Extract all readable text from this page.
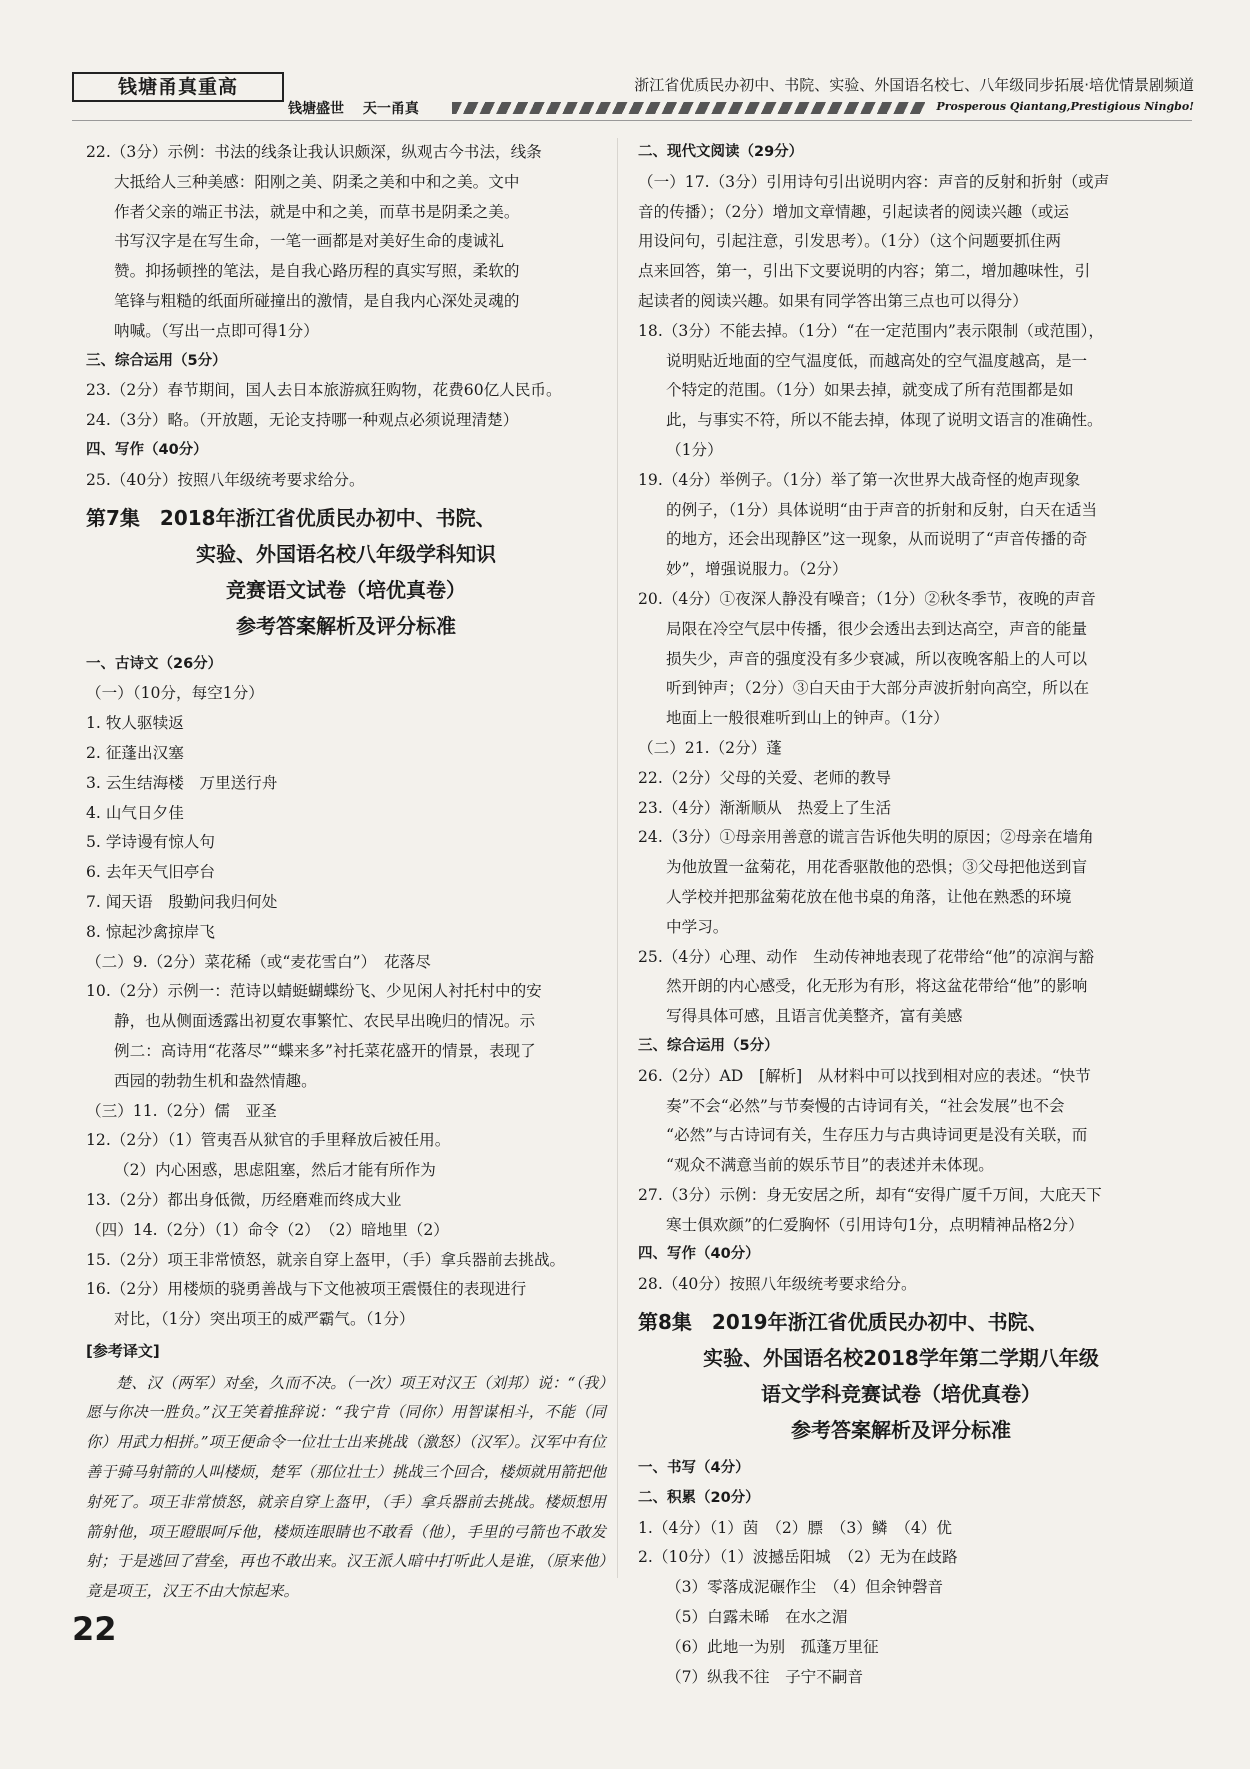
钱塘甬真重高	浙江省优质民办初中、书院、实验、外国语名校七、八年级同步拓展·培优情景剧频道
钱塘盛世 天一甬真	Prosperous Qiantang,Prestigious Ningbo!

22.（3分）示例：书法的线条让我认识颇深，纵观古今书法，线条

大抵给人三种美感：阳刚之美、阴柔之美和中和之美。文中

作者父亲的端正书法，就是中和之美，而草书是阴柔之美。

书写汉字是在写生命，一笔一画都是对美好生命的虔诚礼

赞。抑扬顿挫的笔法，是自我心路历程的真实写照，柔软的

笔锋与粗糙的纸面所碰撞出的激情，是自我内心深处灵魂的

呐喊。（写出一点即可得1分）

三、综合运用（5分）

23.（2分）春节期间，国人去日本旅游疯狂购物，花费60亿人民币。

24.（3分）略。（开放题，无论支持哪一种观点必须说理清楚）

四、写作（40分）

25.（40分）按照八年级统考要求给分。

第7集　2018年浙江省优质民办初中、书院、
实验、外国语名校八年级学科知识
竞赛语文试卷（培优真卷）
参考答案解析及评分标准

一、古诗文（26分）

（一）（10分，每空1分）

1. 牧人驱犊返

2. 征蓬出汉塞

3. 云生结海楼　万里送行舟

4. 山气日夕佳

5. 学诗谩有惊人句

6. 去年天气旧亭台

7. 闻天语　殷勤问我归何处

8. 惊起沙禽掠岸飞

（二）9.（2分）菜花稀（或“麦花雪白”）　花落尽

10.（2分）示例一：范诗以蜻蜓蝴蝶纷飞、少见闲人衬托村中的安

静，也从侧面透露出初夏农事繁忙、农民早出晚归的情况。示

例二：高诗用“花落尽”“蝶来多”衬托菜花盛开的情景，表现了

西园的勃勃生机和盎然情趣。

（三）11.（2分）儒　亚圣

12.（2分）（1）管夷吾从狱官的手里释放后被任用。

（2）内心困惑，思虑阻塞，然后才能有所作为

13.（2分）都出身低微，历经磨难而终成大业

（四）14.（2分）（1）命令（2）　（2）暗地里（2）

15.（2分）项王非常愤怒，就亲自穿上盔甲，（手）拿兵器前去挑战。

16.（2分）用楼烦的骁勇善战与下文他被项王震慑住的表现进行

对比，（1分）突出项王的威严霸气。（1分）

[参考译文]

楚、汉（两军）对垒，久而不决。（一次）项王对汉王（刘邦）说：“（我）愿与你决一胜负。”汉王笑着推辞说：“我宁肯（同你）用智谋相斗，不能（同你）用武力相拼。”项王便命令一位壮士出来挑战（激怒）（汉军）。汉军中有位善于骑马射箭的人叫楼烦，楚军（那位壮士）挑战三个回合，楼烦就用箭把他射死了。项王非常愤怒，就亲自穿上盔甲，（手）拿兵器前去挑战。楼烦想用箭射他，项王瞪眼呵斥他，楼烦连眼睛也不敢看（他），手里的弓箭也不敢发射；于是逃回了营垒，再也不敢出来。汉王派人暗中打听此人是谁，（原来他）竟是项王，汉王不由大惊起来。

二、现代文阅读（29分）

（一）17.（3分）引用诗句引出说明内容：声音的反射和折射（或声

音的传播）；（2分）增加文章情趣，引起读者的阅读兴趣（或运

用设问句，引起注意，引发思考）。（1分）（这个问题要抓住两

点来回答，第一，引出下文要说明的内容；第二，增加趣味性，引

起读者的阅读兴趣。如果有同学答出第三点也可以得分）

18.（3分）不能去掉。（1分）“在一定范围内”表示限制（或范围），

说明贴近地面的空气温度低，而越高处的空气温度越高，是一

个特定的范围。（1分）如果去掉，就变成了所有范围都是如

此，与事实不符，所以不能去掉，体现了说明文语言的准确性。

（1分）

19.（4分）举例子。（1分）举了第一次世界大战奇怪的炮声现象

的例子，（1分）具体说明“由于声音的折射和反射，白天在适当

的地方，还会出现静区”这一现象，从而说明了“声音传播的奇

妙”，增强说服力。（2分）

20.（4分）①夜深人静没有噪音；（1分）②秋冬季节，夜晚的声音

局限在冷空气层中传播，很少会透出去到达高空，声音的能量

损失少，声音的强度没有多少衰减，所以夜晚客船上的人可以

听到钟声；（2分）③白天由于大部分声波折射向高空，所以在

地面上一般很难听到山上的钟声。（1分）

（二）21.（2分）蓬

22.（2分）父母的关爱、老师的教导

23.（4分）渐渐顺从　热爱上了生活

24.（3分）①母亲用善意的谎言告诉他失明的原因；②母亲在墙角

为他放置一盆菊花，用花香驱散他的恐惧；③父母把他送到盲

人学校并把那盆菊花放在他书桌的角落，让他在熟悉的环境

中学习。

25.（4分）心理、动作　生动传神地表现了花带给“他”的凉润与豁

然开朗的内心感受，化无形为有形，将这盆花带给“他”的影响

写得具体可感，且语言优美整齐，富有美感

三、综合运用（5分）

26.（2分）AD　[解析]　从材料中可以找到相对应的表述。“快节

奏”不会“必然”与节奏慢的古诗词有关，“社会发展”也不会

“必然”与古诗词有关，生存压力与古典诗词更是没有关联，而

“观众不满意当前的娱乐节目”的表述并未体现。

27.（3分）示例：身无安居之所，却有“安得广厦千万间，大庇天下

寒士俱欢颜”的仁爱胸怀（引用诗句1分，点明精神品格2分）

四、写作（40分）

28.（40分）按照八年级统考要求给分。

第8集　2019年浙江省优质民办初中、书院、
实验、外国语名校2018学年第二学期八年级
语文学科竞赛试卷（培优真卷）
参考答案解析及评分标准

一、书写（4分）

二、积累（20分）

1.（4分）（1）茵　（2）膘　（3）鳞　（4）优

2.（10分）（1）波撼岳阳城　（2）无为在歧路

（3）零落成泥碾作尘　（4）但余钟磬音

（5）白露未晞　在水之湄

（6）此地一为别　孤蓬万里征

（7）纵我不往　子宁不嗣音

22
